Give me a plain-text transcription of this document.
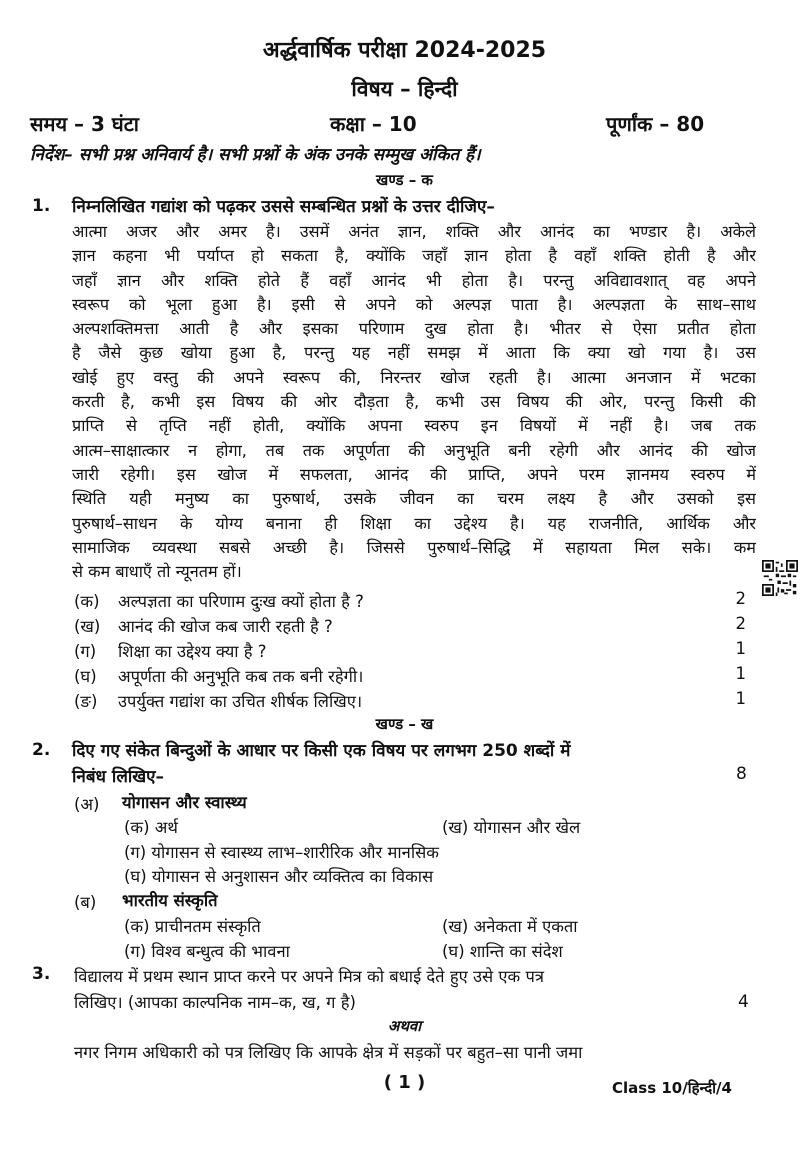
अर्द्धवार्षिक परीक्षा 2024-2025
विषय – हिन्दी
समय – 3 घंटा	कक्षा – 10	पूर्णांक – 80
निर्देश– सभी प्रश्न अनिवार्य है। सभी प्रश्नों के अंक उनके सम्मुख अंकित हैं।
खण्ड – क
1. निम्नलिखित गद्यांश को पढ़कर उससे सम्बन्धित प्रश्नों के उत्तर दीजिए–
आत्मा अजर और अमर है। उसमें अनंत ज्ञान, शक्ति और आनंद का भण्डार है। अकेले
ज्ञान कहना भी पर्याप्त हो सकता है, क्योंकि जहाँ ज्ञान होता है वहाँ शक्ति होती है और
जहाँ ज्ञान और शक्ति होते हैं वहाँ आनंद भी होता है। परन्तु अविद्यावशात् वह अपने
स्वरूप को भूला हुआ है। इसी से अपने को अल्पज्ञ पाता है। अल्पज्ञता के साथ–साथ
अल्पशक्तिमत्ता आती है और इसका परिणाम दुख होता है। भीतर से ऐसा प्रतीत होता
है जैसे कुछ खोया हुआ है, परन्तु यह नहीं समझ में आता कि क्या खो गया है। उस
खोई हुए वस्तु की अपने स्वरूप की, निरन्तर खोज रहती है। आत्मा अनजान में भटका
करती है, कभी इस विषय की ओर दौड़ता है, कभी उस विषय की ओर, परन्तु किसी की
प्राप्ति से तृप्ति नहीं होती, क्योंकि अपना स्वरुप इन विषयों में नहीं है। जब तक
आत्म–साक्षात्कार न होगा, तब तक अपूर्णता की अनुभूति बनी रहेगी और आनंद की खोज
जारी रहेगी। इस खोज में सफलता, आनंद की प्राप्ति, अपने परम ज्ञानमय स्वरुप में
स्थिति यही मनुष्य का पुरुषार्थ, उसके जीवन का चरम लक्ष्य है और उसको इस
पुरुषार्थ–साधन के योग्य बनाना ही शिक्षा का उद्देश्य है। यह राजनीति, आर्थिक और
सामाजिक व्यवस्था सबसे अच्छी है। जिससे पुरुषार्थ–सिद्धि में सहायता मिल सके। कम
से कम बाधाएँ तो न्यूनतम हों।
(क) अल्पज्ञता का परिणाम दुःख क्यों होता है ?	2
(ख) आनंद की खोज कब जारी रहती है ?	2
(ग) शिक्षा का उद्देश्य क्या है ?	1
(घ) अपूर्णता की अनुभूति कब तक बनी रहेगी।	1
(ङ) उपर्युक्त गद्यांश का उचित शीर्षक लिखिए।	1
खण्ड – ख
2. दिए गए संकेत बिन्दुओं के आधार पर किसी एक विषय पर लगभग 250 शब्दों में
निबंध लिखिए–	8
(अ) योगासन और स्वास्थ्य
(क) अर्थ	(ख) योगासन और खेल
(ग) योगासन से स्वास्थ्य लाभ–शारीरिक और मानसिक
(घ) योगासन से अनुशासन और व्यक्तित्व का विकास
(ब) भारतीय संस्कृति
(क) प्राचीनतम संस्कृति	(ख) अनेकता में एकता
(ग) विश्व बन्धुत्व की भावना	(घ) शान्ति का संदेश
3. विद्यालय में प्रथम स्थान प्राप्त करने पर अपने मित्र को बधाई देते हुए उसे एक पत्र
लिखिए। (आपका काल्पनिक नाम–क, ख, ग है)	4
अथवा
नगर निगम अधिकारी को पत्र लिखिए कि आपके क्षेत्र में सड़कों पर बहुत–सा पानी जमा
( 1 )	Class 10/हिन्दी/4
